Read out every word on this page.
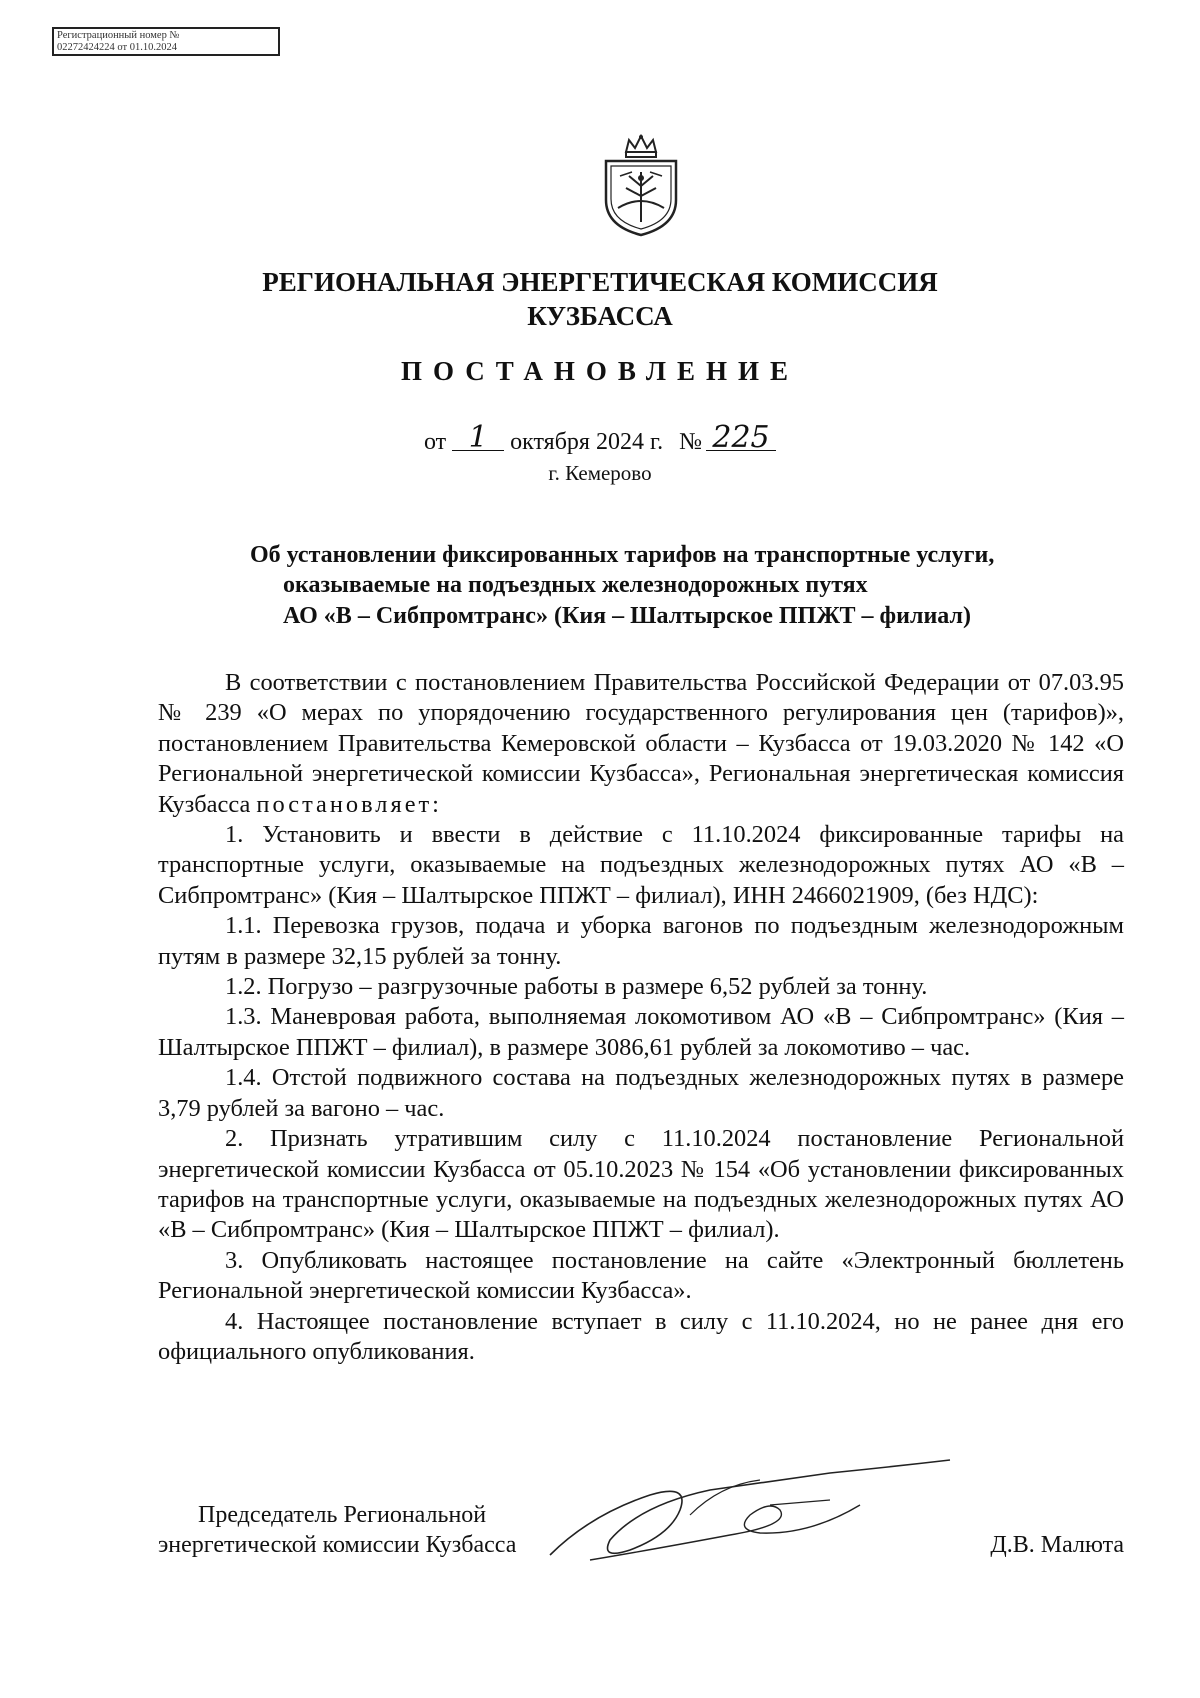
Регистрационный номер №
02272424224 от 01.10.2024
РЕГИОНАЛЬНАЯ ЭНЕРГЕТИЧЕСКАЯ КОМИССИЯ
КУЗБАССА
ПОСТАНОВЛЕНИЕ
от 1 октября 2024 г. № 225
г. Кемерово
Об установлении фиксированных тарифов на транспортные услуги,
оказываемые на подъездных железнодорожных путях
АО «В – Сибпромтранс» (Кия – Шалтырское ППЖТ – филиал)

В соответствии с постановлением Правительства Российской Федерации от 07.03.95 № 239 «О мерах по упорядочению государственного регулирования цен (тарифов)», постановлением Правительства Кемеровской области – Кузбасса от 19.03.2020 № 142 «О Региональной энергетической комиссии Кузбасса», Региональная энергетическая комиссия Кузбасса постановляет:

1. Установить и ввести в действие с 11.10.2024 фиксированные тарифы на транспортные услуги, оказываемые на подъездных железнодорожных путях АО «В – Сибпромтранс» (Кия – Шалтырское ППЖТ – филиал), ИНН 2466021909, (без НДС):

1.1. Перевозка грузов, подача и уборка вагонов по подъездным железнодорожным путям в размере 32,15 рублей за тонну.

1.2. Погрузо – разгрузочные работы в размере 6,52 рублей за тонну.

1.3. Маневровая работа, выполняемая локомотивом АО «В – Сибпромтранс» (Кия – Шалтырское ППЖТ – филиал), в размере 3086,61 рублей за локомотиво – час.

1.4. Отстой подвижного состава на подъездных железнодорожных путях в размере 3,79 рублей за вагоно – час.

2. Признать утратившим силу с 11.10.2024 постановление Региональной энергетической комиссии Кузбасса от 05.10.2023 № 154 «Об установлении фиксированных тарифов на транспортные услуги, оказываемые на подъездных железнодорожных путях АО «В – Сибпромтранс» (Кия – Шалтырское ППЖТ – филиал).

3. Опубликовать настоящее постановление на сайте «Электронный бюллетень Региональной энергетической комиссии Кузбасса».

4. Настоящее постановление вступает в силу с 11.10.2024, но не ранее дня его официального опубликования.

Председатель Региональной
энергетической комиссии Кузбасса	Д.В. Малюта
